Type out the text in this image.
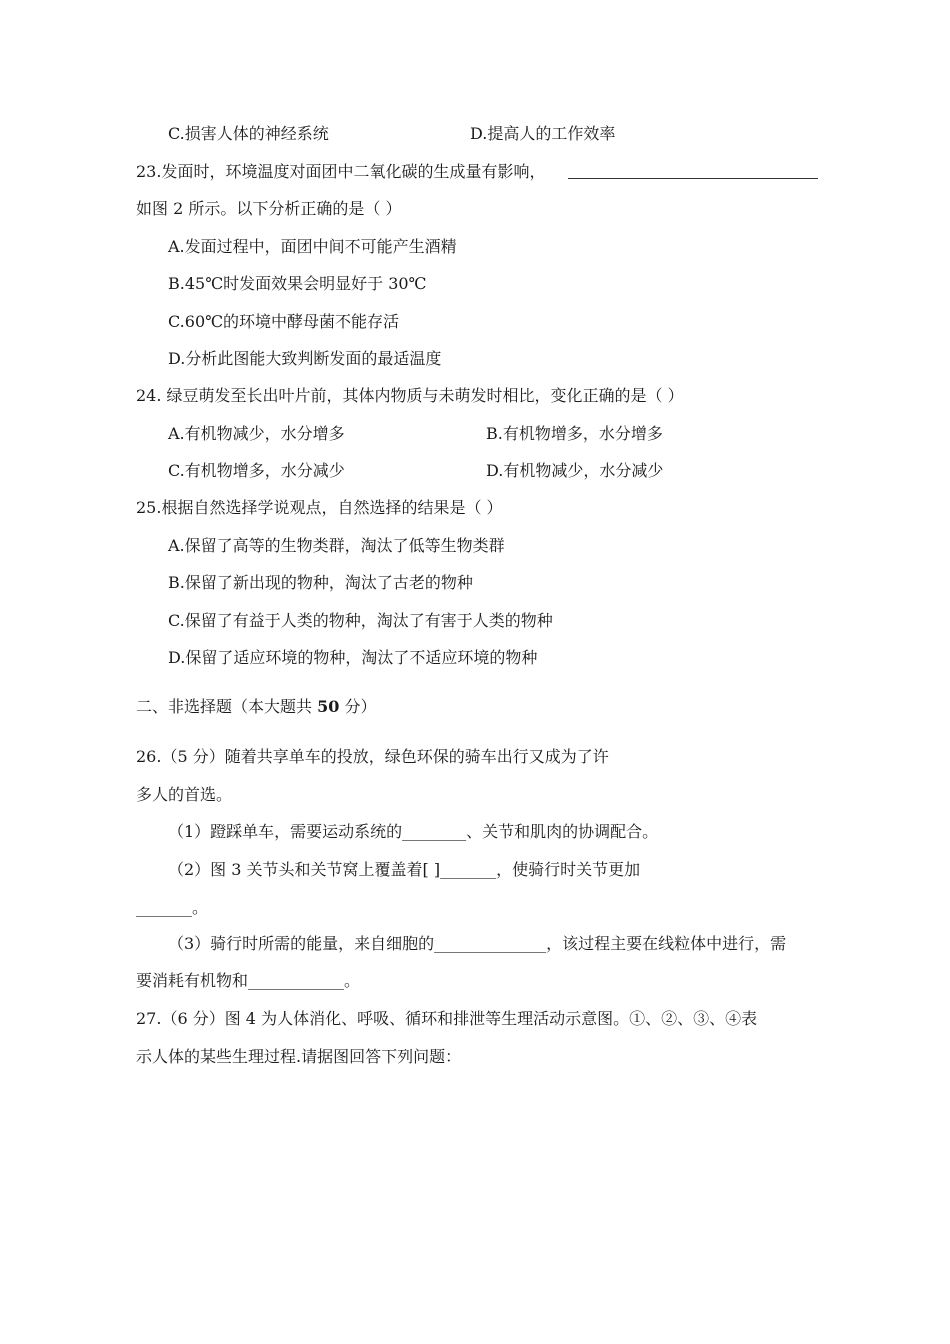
C.损害人体的神经系统	D.提高人的工作效率
23.发面时，环境温度对面团中二氧化碳的生成量有影响，
如图 2 所示。以下分析正确的是（ ）
A.发面过程中，面团中间不可能产生酒精
B.45℃时发面效果会明显好于 30℃
C.60℃的环境中酵母菌不能存活
D.分析此图能大致判断发面的最适温度
24. 绿豆萌发至长出叶片前，其体内物质与未萌发时相比，变化正确的是（ ）
A.有机物减少，水分增多	B.有机物增多，水分增多
C.有机物增多，水分减少	D.有机物减少，水分减少
25.根据自然选择学说观点，自然选择的结果是（ ）
A.保留了高等的生物类群，淘汰了低等生物类群
B.保留了新出现的物种，淘汰了古老的物种
C.保留了有益于人类的物种，淘汰了有害于人类的物种
D.保留了适应环境的物种，淘汰了不适应环境的物种
二、非选择题（本大题共 50 分）
26.（5 分）随着共享单车的投放，绿色环保的骑车出行又成为了许
多人的首选。
（1）蹬踩单车，需要运动系统的________、关节和肌肉的协调配合。
（2）图 3 关节头和关节窝上覆盖着[ ]_______，使骑行时关节更加
_______。
（3）骑行时所需的能量，来自细胞的______________，该过程主要在线粒体中进行，需
要消耗有机物和____________。
27.（6 分）图 4 为人体消化、呼吸、循环和排泄等生理活动示意图。①、②、③、④表
示人体的某些生理过程.请据图回答下列问题：
